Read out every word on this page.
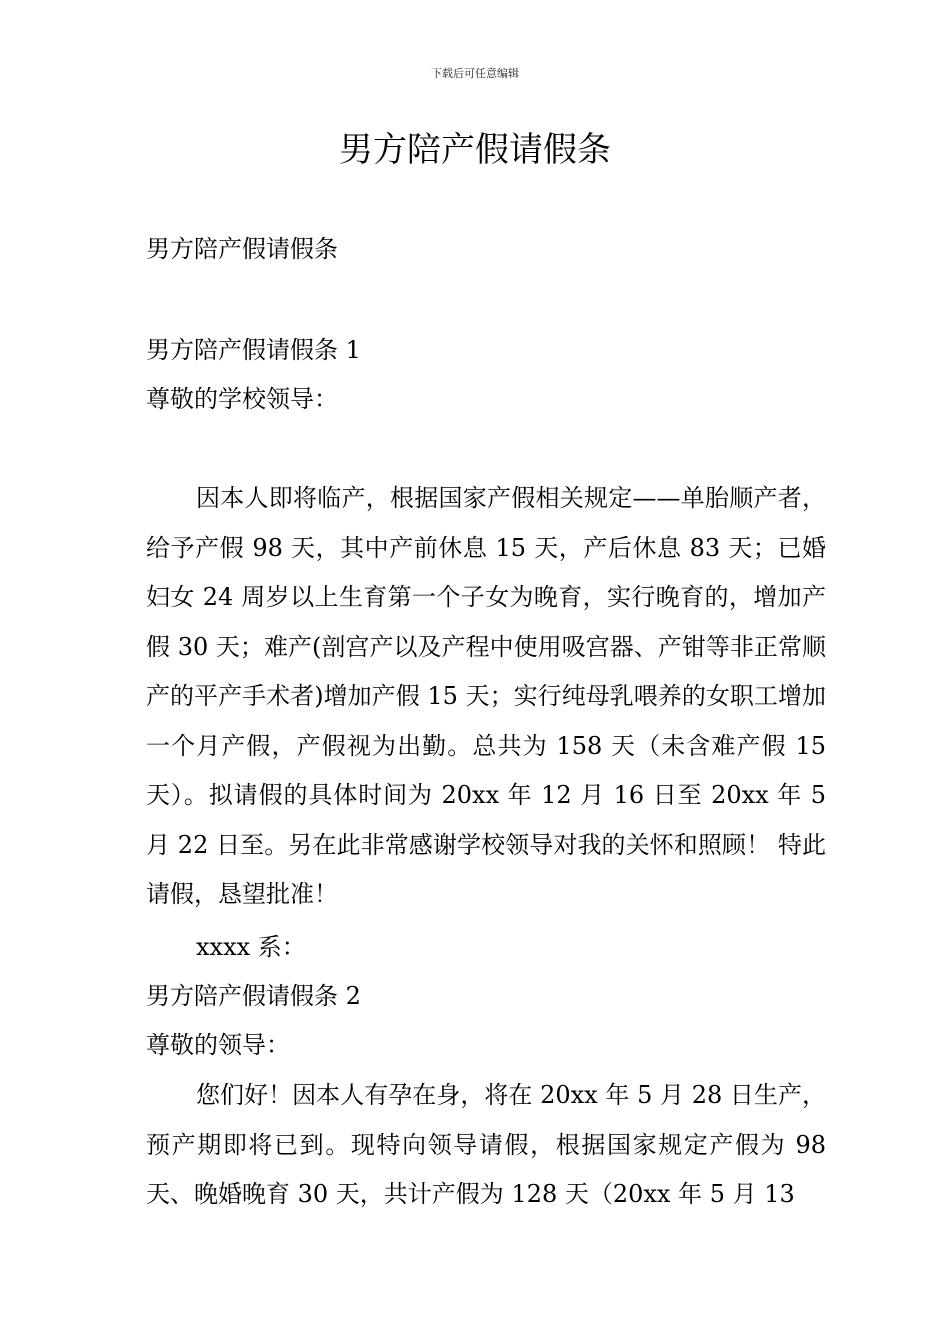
下载后可任意编辑
男方陪产假请假条
男方陪产假请假条
男方陪产假请假条 1
尊敬的学校领导：

因本人即将临产，根据国家产假相关规定——单胎顺产者，给予产假 98 天，其中产前休息 15 天，产后休息 83 天；已婚妇女 24 周岁以上生育第一个子女为晚育，实行晚育的，增加产假 30 天；难产(剖宫产以及产程中使用吸宫器、产钳等非正常顺产的平产手术者)增加产假 15 天；实行纯母乳喂养的女职工增加一个月产假，产假视为出勤。总共为 158 天（未含难产假 15 天）。拟请假的具体时间为 20xx 年 12 月 16 日至 20xx 年 5 月 22 日至。另在此非常感谢学校领导对我的关怀和照顾！ 特此请假，恳望批准！

xxxx 系：
男方陪产假请假条 2
尊敬的领导：

您们好！因本人有孕在身，将在 20xx 年 5 月 28 日生产，预产期即将已到。现特向领导请假，根据国家规定产假为 98 天、晚婚晚育 30 天，共计产假为 128 天（20xx 年 5 月 13
